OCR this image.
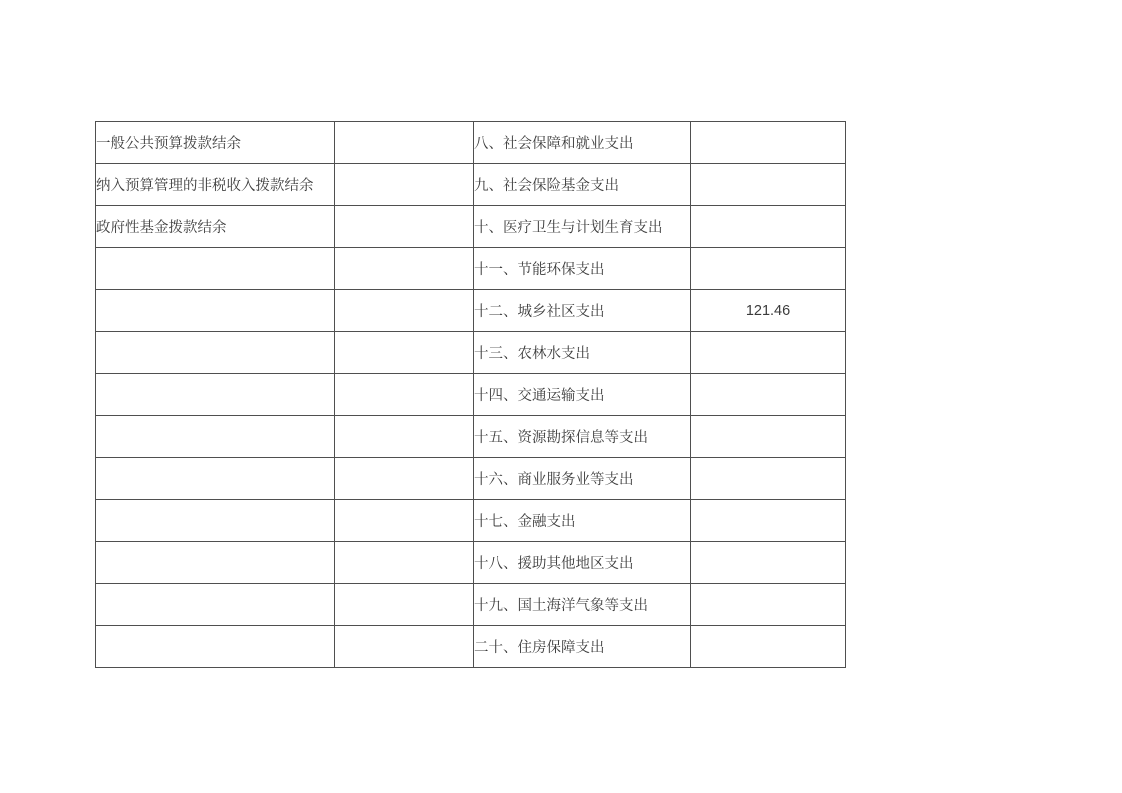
一般公共预算拨款结余		八、社会保障和就业支出	
纳入预算管理的非税收入拨款结余		九、社会保险基金支出	
政府性基金拨款结余		十、医疗卫生与计划生育支出	
		十一、节能环保支出	
		十二、城乡社区支出	121.46
		十三、农林水支出	
		十四、交通运输支出	
		十五、资源勘探信息等支出	
		十六、商业服务业等支出	
		十七、金融支出	
		十八、援助其他地区支出	
		十九、国土海洋气象等支出	
		二十、住房保障支出	
